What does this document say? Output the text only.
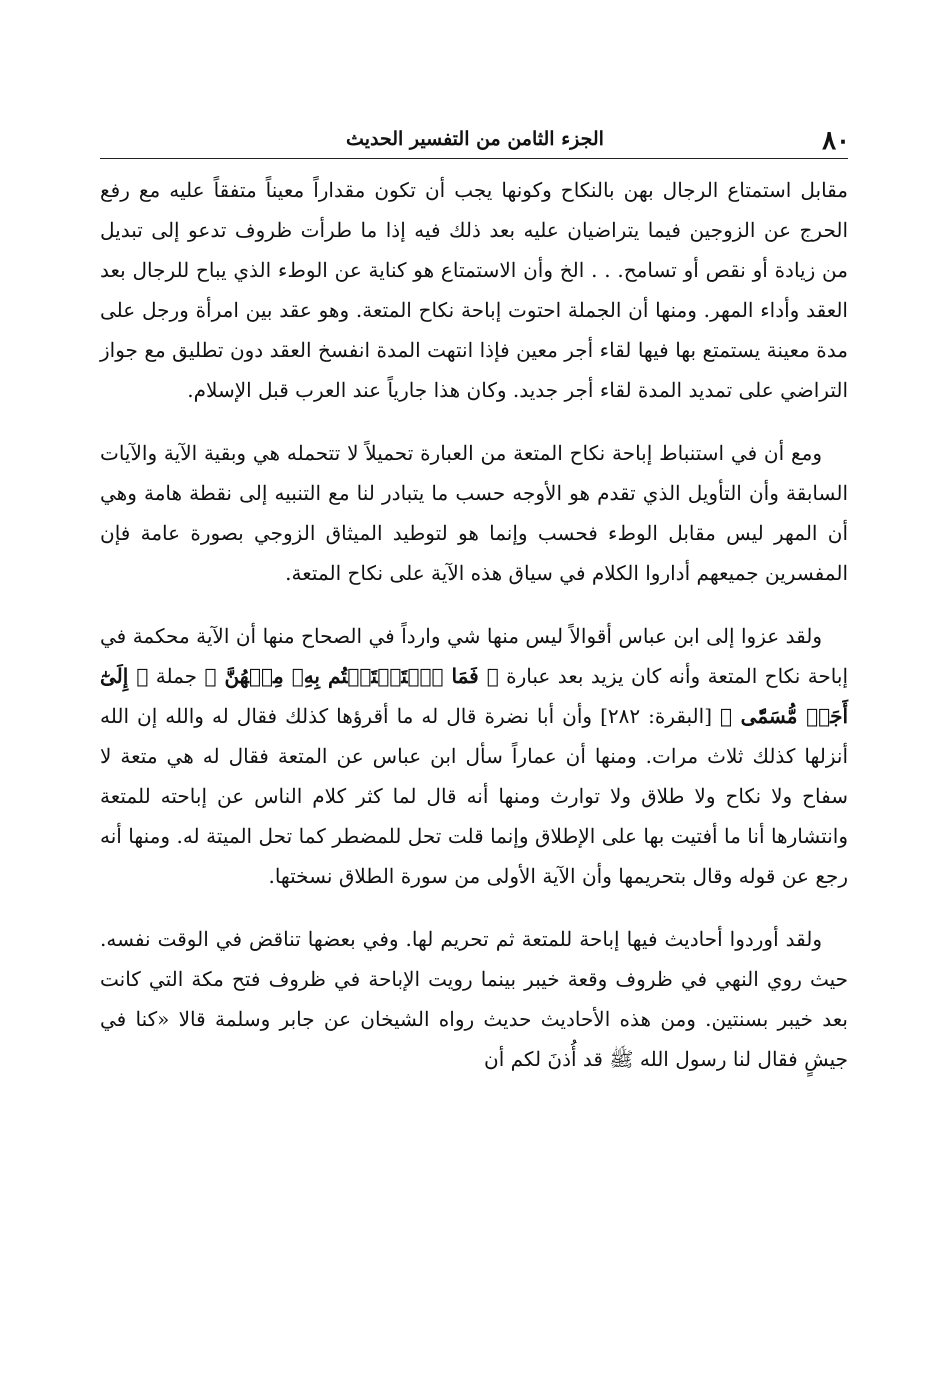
٨٠
الجزء الثامن من التفسير الحديث

مقابل استمتاع الرجال بهن بالنكاح وكونها يجب أن تكون مقداراً معيناً متفقاً عليه مع رفع الحرج عن الزوجين فيما يتراضيان عليه بعد ذلك فيه إذا ما طرأت ظروف تدعو إلى تبديل من زيادة أو نقص أو تسامح. . . الخ وأن الاستمتاع هو كناية عن الوطء الذي يباح للرجال بعد العقد وأداء المهر. ومنها أن الجملة احتوت إباحة نكاح المتعة. وهو عقد بين امرأة ورجل على مدة معينة يستمتع بها فيها لقاء أجر معين فإذا انتهت المدة انفسخ العقد دون تطليق مع جواز التراضي على تمديد المدة لقاء أجر جديد. وكان هذا جارياً عند العرب قبل الإسلام.

ومع أن في استنباط إباحة نكاح المتعة من العبارة تحميلاً لا تتحمله هي وبقية الآية والآيات السابقة وأن التأويل الذي تقدم هو الأوجه حسب ما يتبادر لنا مع التنبيه إلى نقطة هامة وهي أن المهر ليس مقابل الوطء فحسب وإنما هو لتوطيد الميثاق الزوجي بصورة عامة فإن المفسرين جميعهم أداروا الكلام في سياق هذه الآية على نكاح المتعة.

ولقد عزوا إلى ابن عباس أقوالاً ليس منها شي وارداً في الصحاح منها أن الآية محكمة في إباحة نكاح المتعة وأنه كان يزيد بعد عبارة ﴿ فَمَا ٱسۡتَمۡتَعۡتُم بِهِۦ مِنۡهُنَّ ﴾ جملة ﴿ إِلَىٰٓ أَجَلٖ مُّسَمّٗى ﴾ [البقرة: ٢٨٢] وأن أبا نضرة قال له ما أقرؤها كذلك فقال له والله إن الله أنزلها كذلك ثلاث مرات. ومنها أن عماراً سأل ابن عباس عن المتعة فقال له هي متعة لا سفاح ولا نكاح ولا طلاق ولا توارث ومنها أنه قال لما كثر كلام الناس عن إباحته للمتعة وانتشارها أنا ما أفتيت بها على الإطلاق وإنما قلت تحل للمضطر كما تحل الميتة له. ومنها أنه رجع عن قوله وقال بتحريمها وأن الآية الأولى من سورة الطلاق نسختها.

ولقد أوردوا أحاديث فيها إباحة للمتعة ثم تحريم لها. وفي بعضها تناقض في الوقت نفسه. حيث روي النهي في ظروف وقعة خيبر بينما رويت الإباحة في ظروف فتح مكة التي كانت بعد خيبر بسنتين. ومن هذه الأحاديث حديث رواه الشيخان عن جابر وسلمة قالا «كنا في جيشٍ فقال لنا رسول الله ﷺ قد أُذنَ لكم أن
